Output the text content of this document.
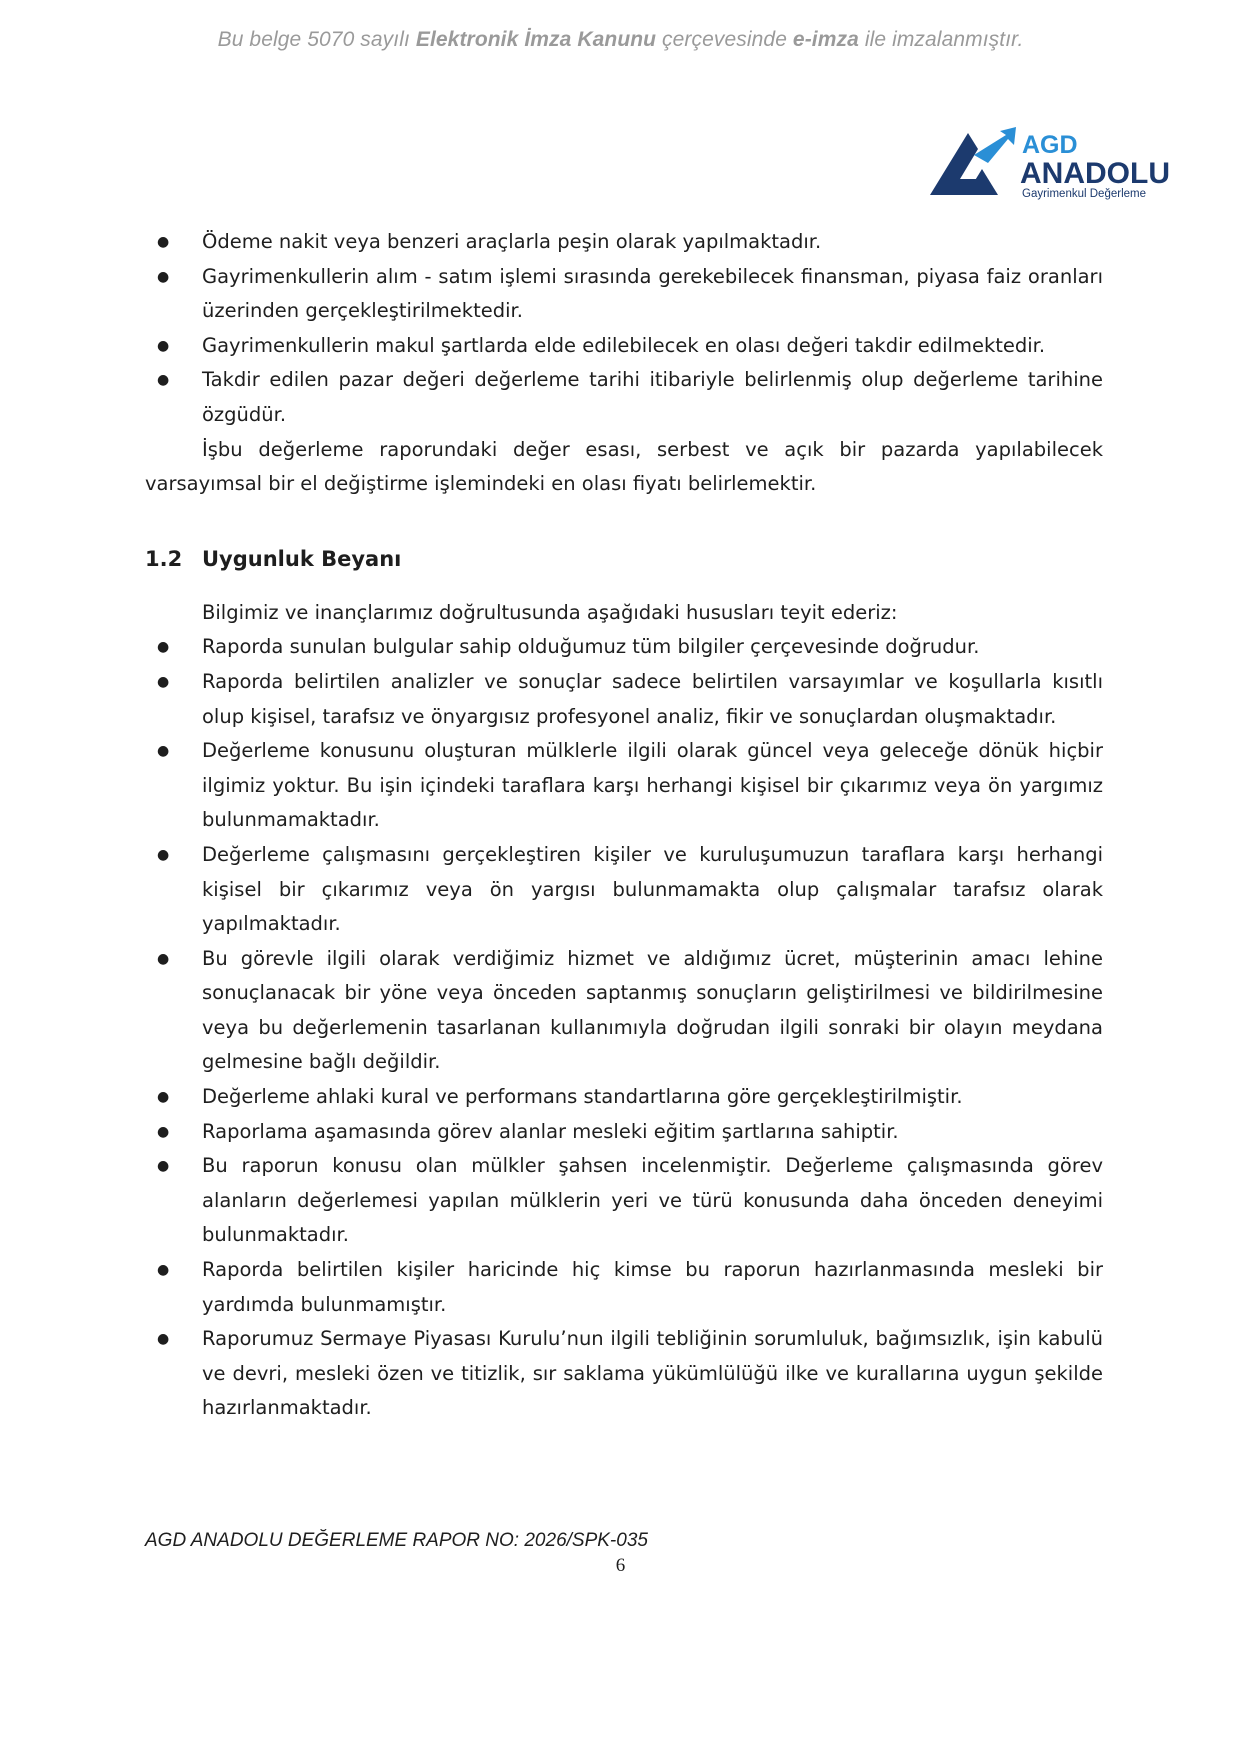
Bu belge 5070 sayılı Elektronik İmza Kanunu çerçevesinde e-imza ile imzalanmıştır.
AGD
ANADOLU
Gayrimenkul Değerleme
● Ödeme nakit veya benzeri araçlarla peşin olarak yapılmaktadır.
● Gayrimenkullerin alım - satım işlemi sırasında gerekebilecek finansman, piyasa faiz oranları üzerinden gerçekleştirilmektedir.
● Gayrimenkullerin makul şartlarda elde edilebilecek en olası değeri takdir edilmektedir.
● Takdir edilen pazar değeri değerleme tarihi itibariyle belirlenmiş olup değerleme tarihine özgüdür.

İşbu değerleme raporundaki değer esası, serbest ve açık bir pazarda yapılabilecek varsayımsal bir el değiştirme işlemindeki en olası fiyatı belirlemektir.

1.2 Uygunluk Beyanı

Bilgimiz ve inançlarımız doğrultusunda aşağıdaki hususları teyit ederiz:

● Raporda sunulan bulgular sahip olduğumuz tüm bilgiler çerçevesinde doğrudur.
● Raporda belirtilen analizler ve sonuçlar sadece belirtilen varsayımlar ve koşullarla kısıtlı olup kişisel, tarafsız ve önyargısız profesyonel analiz, fikir ve sonuçlardan oluşmaktadır.
● Değerleme konusunu oluşturan mülklerle ilgili olarak güncel veya geleceğe dönük hiçbir ilgimiz yoktur. Bu işin içindeki taraflara karşı herhangi kişisel bir çıkarımız veya ön yargımız bulunmamaktadır.
● Değerleme çalışmasını gerçekleştiren kişiler ve kuruluşumuzun taraflara karşı herhangi kişisel bir çıkarımız veya ön yargısı bulunmamakta olup çalışmalar tarafsız olarak yapılmaktadır.
● Bu görevle ilgili olarak verdiğimiz hizmet ve aldığımız ücret, müşterinin amacı lehine sonuçlanacak bir yöne veya önceden saptanmış sonuçların geliştirilmesi ve bildirilmesine veya bu değerlemenin tasarlanan kullanımıyla doğrudan ilgili sonraki bir olayın meydana gelmesine bağlı değildir.
● Değerleme ahlaki kural ve performans standartlarına göre gerçekleştirilmiştir.
● Raporlama aşamasında görev alanlar mesleki eğitim şartlarına sahiptir.
● Bu raporun konusu olan mülkler şahsen incelenmiştir. Değerleme çalışmasında görev alanların değerlemesi yapılan mülklerin yeri ve türü konusunda daha önceden deneyimi bulunmaktadır.
● Raporda belirtilen kişiler haricinde hiç kimse bu raporun hazırlanmasında mesleki bir yardımda bulunmamıştır.
● Raporumuz Sermaye Piyasası Kurulu’nun ilgili tebliğinin sorumluluk, bağımsızlık, işin kabulü ve devri, mesleki özen ve titizlik, sır saklama yükümlülüğü ilke ve kurallarına uygun şekilde hazırlanmaktadır.
AGD ANADOLU DEĞERLEME RAPOR NO: 2026/SPK-035
6
